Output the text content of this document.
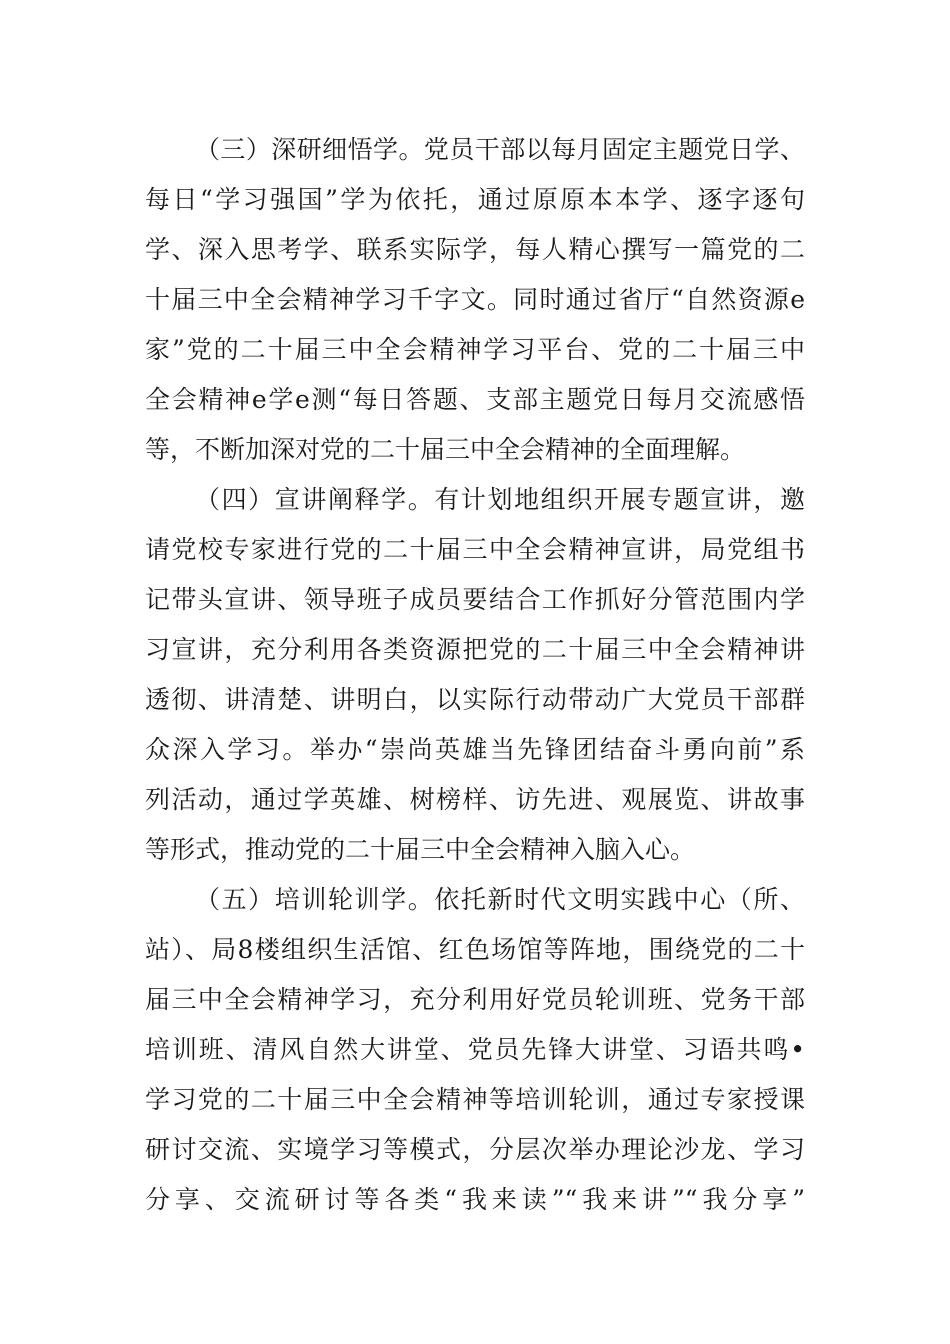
（三）深研细悟学。党员干部以每月固定主题党日学、
每日“学习强国”学为依托，通过原原本本学、逐字逐句
学、深入思考学、联系实际学，每人精心撰写一篇党的二
十届三中全会精神学习千字文。同时通过省厅“自然资源e
家”党的二十届三中全会精神学习平台、党的二十届三中
全会精神e学e测“每日答题、支部主题党日每月交流感悟
等，不断加深对党的二十届三中全会精神的全面理解。
（四）宣讲阐释学。有计划地组织开展专题宣讲，邀
请党校专家进行党的二十届三中全会精神宣讲，局党组书
记带头宣讲、领导班子成员要结合工作抓好分管范围内学
习宣讲，充分利用各类资源把党的二十届三中全会精神讲
透彻、讲清楚、讲明白，以实际行动带动广大党员干部群
众深入学习。举办“崇尚英雄当先锋团结奋斗勇向前”系
列活动，通过学英雄、树榜样、访先进、观展览、讲故事
等形式，推动党的二十届三中全会精神入脑入心。
（五）培训轮训学。依托新时代文明实践中心（所、
站）、局8楼组织生活馆、红色场馆等阵地，围绕党的二十
届三中全会精神学习，充分利用好党员轮训班、党务干部
培训班、清风自然大讲堂、党员先锋大讲堂、习语共鸣•
学习党的二十届三中全会精神等培训轮训，通过专家授课
研讨交流、实境学习等模式，分层次举办理论沙龙、学习
分享、交流研讨等各类“我来读”“我来讲”“我分享”
